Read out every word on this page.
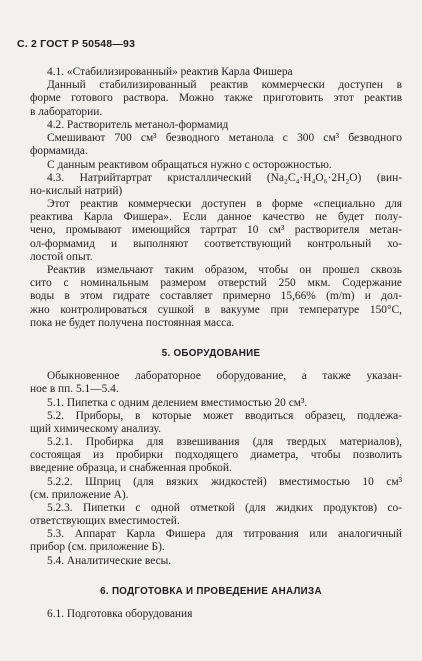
С. 2 ГОСТ Р 50548—93
4.1. «Стабилизированный» реактив Карла Фишера
Данный стабилизированный реактив коммерчески доступен в
форме готового раствора. Можно также приготовить этот реактив
в лаборатории.
4.2. Растворитель метанол-формамид
Смешивают 700 см³ безводного метанола с 300 см³ безводного
формамида.
С данным реактивом обращаться нужно с осторожностью.
4.3. Натрийтартрат кристаллический (Na₂C₄·H₄O₆·2H₂O) (вин-
но-кислый натрий)
Этот реактив коммерчески доступен в форме «специально для
реактива Карла Фишера». Если данное качество не будет полу-
чено, промывают имеющийся тартрат 10 см³ растворителя метан-
ол-формамид и выполняют соответствующий контрольный хо-
лостой опыт.
Реактив измельчают таким образом, чтобы он прошел сквозь
сито с номинальным размером отверстий 250 мкм. Содержание
воды в этом гидрате составляет примерно 15,66% (m/m) и дол-
жно контролироваться сушкой в вакууме при температуре 150°С,
пока не будет получена постоянная масса.
5. ОБОРУДОВАНИЕ
Обыкновенное лабораторное оборудование, а также указан-
ное в пп. 5.1—5.4.
5.1. Пипетка с одним делением вместимостью 20 см³.
5.2. Приборы, в которые может вводиться образец, подлежа-
щий химическому анализу.
5.2.1. Пробирка для взвешивания (для твердых материалов),
состоящая из пробирки подходящего диаметра, чтобы позволить
введение образца, и снабженная пробкой.
5.2.2. Шприц (для вязких жидкостей) вместимостью 10 см³
(см. приложение А).
5.2.3. Пипетки с одной отметкой (для жидких продуктов) со-
ответствующих вместимостей.
5.3. Аппарат Карла Фишера для титрования или аналогичный
прибор (см. приложение Б).
5.4. Аналитические весы.
6. ПОДГОТОВКА И ПРОВЕДЕНИЕ АНАЛИЗА
6.1. Подготовка оборудования
